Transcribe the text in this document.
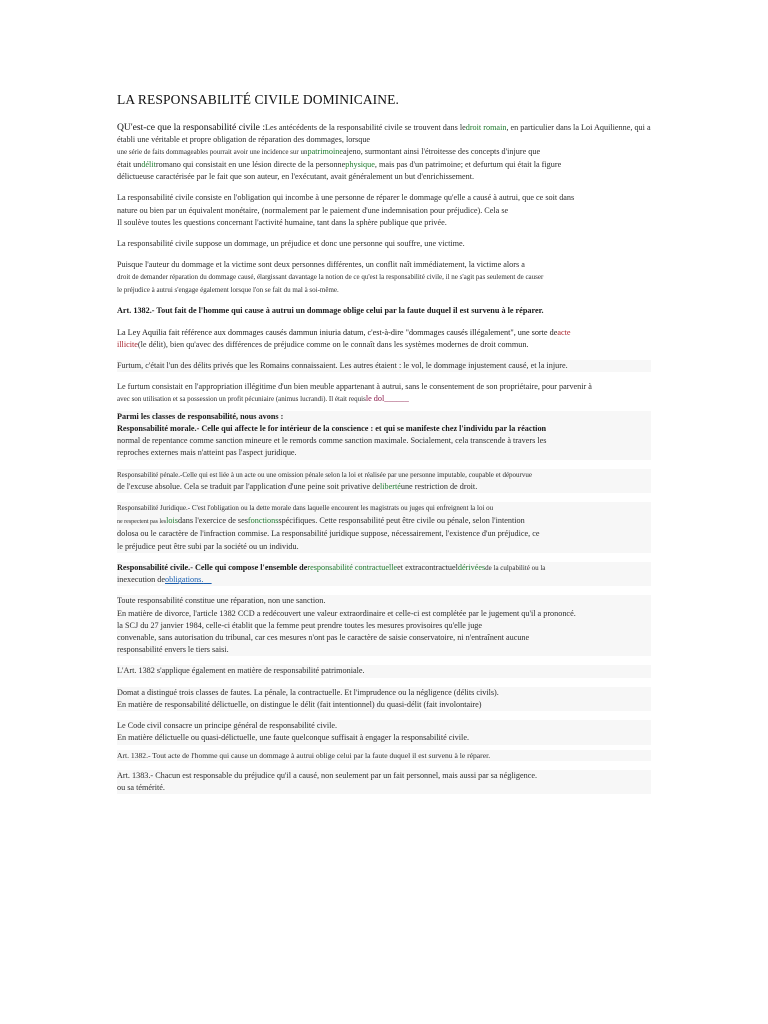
LA RESPONSABILITÉ CIVILE DOMINICAINE.

QU'est-ce que la responsabilité civile :Les antécédents de la responsabilité civile se trouvent dans ledroit romain, en particulier dans la Loi Aquilienne, qui a établi une véritable et propre obligation de réparation des dommages, lorsque
une série de faits dommageables pourrait avoir une incidence sur unpatrimoineajeno, surmontant ainsi l'étroitesse des concepts d'injure que
était undélitromano qui consistait en une lésion directe de la personnephysique, mais pas d'un patrimoine; et defurtum qui était la figure
délictueuse caractérisée par le fait que son auteur, en l'exécutant, avait généralement un but d'enrichissement.

La responsabilité civile consiste en l'obligation qui incombe à une personne de réparer le dommage qu'elle a causé à autrui, que ce soit dans
nature ou bien par un équivalent monétaire, (normalement par le paiement d'une indemnisation pour préjudice). Cela se
Il soulève toutes les questions concernant l'activité humaine, tant dans la sphère publique que privée.

La responsabilité civile suppose un dommage, un préjudice et donc une personne qui souffre, une victime.

Puisque l'auteur du dommage et la victime sont deux personnes différentes, un conflit naît immédiatement, la victime alors a
droit de demander réparation du dommage causé, élargissant davantage la notion de ce qu'est la responsabilité civile, il ne s'agit pas seulement de causer
le préjudice à autrui s'engage également lorsque l'on se fait du mal à soi-même.

Art. 1382.- Tout fait de l'homme qui cause à autrui un dommage oblige celui par la faute duquel il est survenu à le réparer.

La Ley Aquilia fait référence aux dommages causés dammun iniuria datum, c'est-à-dire "dommages causés illégalement", une sorte deacte
illicite(le délit), bien qu'avec des différences de préjudice comme on le connaît dans les systèmes modernes de droit commun.

Furtum, c'était l'un des délits privés que les Romains connaissaient. Les autres étaient : le vol, le dommage injustement causé, et la injure.

Le furtum consistait en l'appropriation illégitime d'un bien meuble appartenant à autrui, sans le consentement de son propriétaire, pour parvenir à
avec son utilisation et sa possession un profit pécuniaire (animus lucrandi). Il était requisle dol______

Parmi les classes de responsabilité, nous avons :
Responsabilité morale.- Celle qui affecte le for intérieur de la conscience : et qui se manifeste chez l'individu par la réaction
normal de repentance comme sanction mineure et le remords comme sanction maximale. Socialement, cela transcende à travers les
reproches externes mais n'atteint pas l'aspect juridique.

Responsabilité pénale.-Celle qui est liée à un acte ou une omission pénale selon la loi et réalisée par une personne imputable, coupable et dépourvue
de l'excuse absolue. Cela se traduit par l'application d'une peine soit privative delibertéune restriction de droit.

Responsabilité Juridique.- C'est l'obligation ou la dette morale dans laquelle encourent les magistrats ou juges qui enfreignent la loi ou
ne respectent pas lesloisdans l'exercice de sesfonctionsspécifiques. Cette responsabilité peut être civile ou pénale, selon l'intention
dolosa ou le caractère de l'infraction commise. La responsabilité juridique suppose, nécessairement, l'existence d'un préjudice, ce
le préjudice peut être subi par la société ou un individu.

Responsabilité civile.- Celle qui compose l'ensemble deresponsabilité contractuelleet extracontractueldérivéesde la culpabilité ou la
inexecution deobligations.

Toute responsabilité constitue une réparation, non une sanction.
En matière de divorce, l'article 1382 CCD a redécouvert une valeur extraordinaire et celle-ci est complétée par le jugement qu'il a prononcé.
la SCJ du 27 janvier 1984, celle-ci établit que la femme peut prendre toutes les mesures provisoires qu'elle juge
convenable, sans autorisation du tribunal, car ces mesures n'ont pas le caractère de saisie conservatoire, ni n'entraînent aucune
responsabilité envers le tiers saisi.

L'Art. 1382 s'applique également en matière de responsabilité patrimoniale.

Domat a distingué trois classes de fautes. La pénale, la contractuelle. Et l'imprudence ou la négligence (délits civils).
En matière de responsabilité délictuelle, on distingue le délit (fait intentionnel) du quasi-délit (fait involontaire)

Le Code civil consacre un principe général de responsabilité civile.
En matière délictuelle ou quasi-délictuelle, une faute quelconque suffisait à engager la responsabilité civile.

Art. 1382.- Tout acte de l'homme qui cause un dommage à autrui oblige celui par la faute duquel il est survenu à le réparer.

Art. 1383.- Chacun est responsable du préjudice qu'il a causé, non seulement par un fait personnel, mais aussi par sa négligence.
ou sa témérité.
